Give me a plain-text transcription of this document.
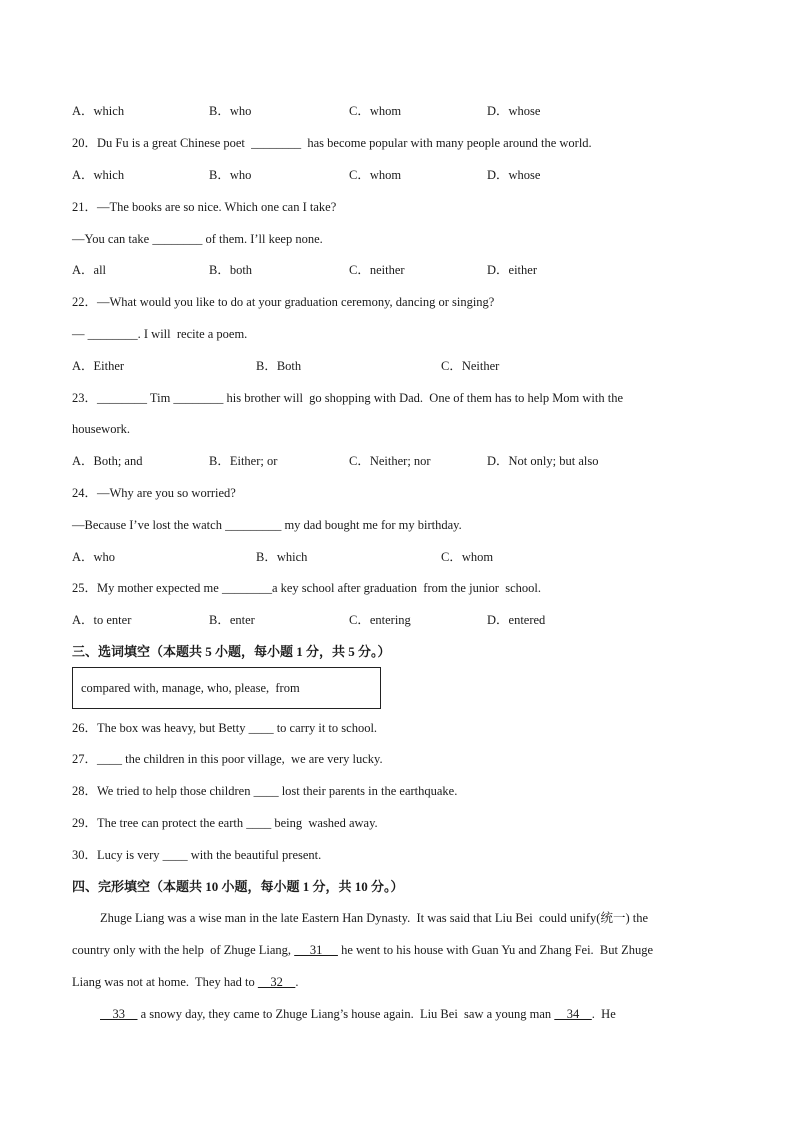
A．which	B．who	C．whom	D．whose
20．Du Fu is a great Chinese poet  ________  has become popular with many people around the world.
A．which	B．who	C．whom	D．whose
21．—The books are so nice. Which one can I take?
—You can take ________ of them. I’ll keep none.
A．all	B．both	C．neither	D．either
22．—What would you like to do at your graduation ceremony, dancing or singing?
— ________. I will  recite a poem.
A．Either	B．Both	C．Neither
23．________ Tim ________ his brother will  go shopping with Dad.  One of them has to help Mom with the
housework.
A．Both; and	B．Either; or	C．Neither; nor	D．Not only; but also
24．—Why are you so worried?
—Because I’ve lost the watch _________ my dad bought me for my birthday.
A．who	B．which	C．whom
25．My mother expected me ________a key school after graduation  from the junior  school.
A．to enter	B．enter	C．entering	D．entered
三、选词填空（本题共 5 小题，每小题 1 分，共 5 分。）
compared with, manage, who, please,  from
26．The box was heavy, but Betty ____ to carry it to school.
27．____ the children in this poor village,  we are very lucky.
28．We tried to help those children ____ lost their parents in the earthquake.
29．The tree can protect the earth ____ being  washed away.
30．Lucy is very ____ with the beautiful present.
四、完形填空（本题共 10 小题，每小题 1 分，共 10 分。）
Zhuge Liang was a wise man in the late Eastern Han Dynasty.  It was said that Liu Bei  could unify(统一) the
country only with the help  of Zhuge Liang,      31      he went to his house with Guan Yu and Zhang Fei.  But Zhuge
Liang was not at home.  They had to     32    .
33     a snowy day, they came to Zhuge Liang’s house again.  Liu Bei  saw a young man     34    .  He
